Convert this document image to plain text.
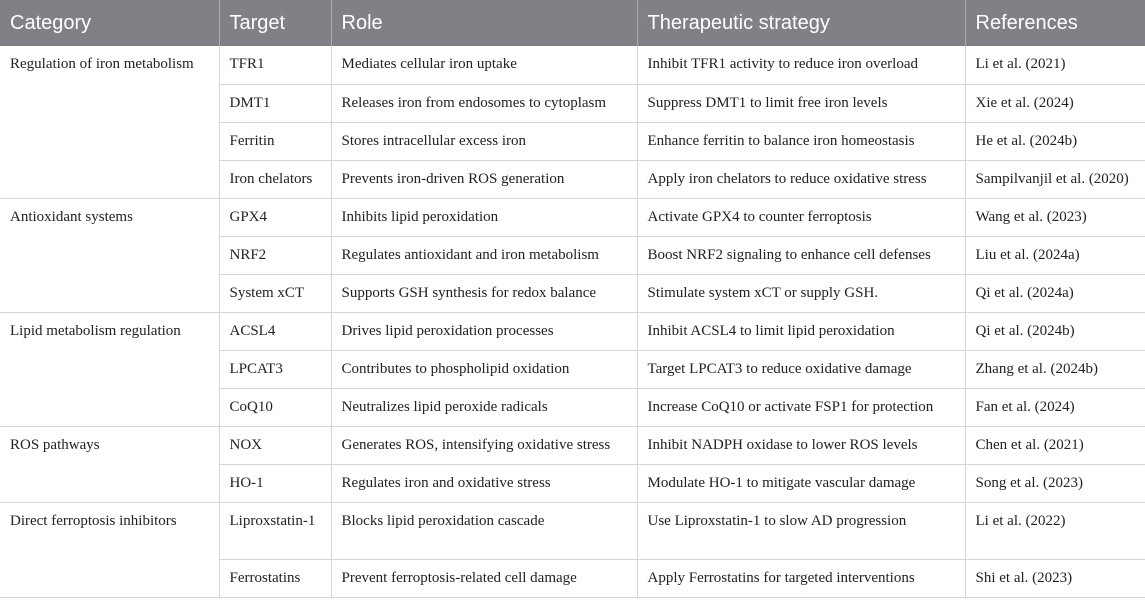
Category	Target	Role	Therapeutic strategy	References
Regulation of iron metabolism	TFR1	Mediates cellular iron uptake	Inhibit TFR1 activity to reduce iron overload	Li et al. (2021)
	DMT1	Releases iron from endosomes to cytoplasm	Suppress DMT1 to limit free iron levels	Xie et al. (2024)
	Ferritin	Stores intracellular excess iron	Enhance ferritin to balance iron homeostasis	He et al. (2024b)
	Iron chelators	Prevents iron-driven ROS generation	Apply iron chelators to reduce oxidative stress	Sampilvanjil et al. (2020)
Antioxidant systems	GPX4	Inhibits lipid peroxidation	Activate GPX4 to counter ferroptosis	Wang et al. (2023)
	NRF2	Regulates antioxidant and iron metabolism	Boost NRF2 signaling to enhance cell defenses	Liu et al. (2024a)
	System xCT	Supports GSH synthesis for redox balance	Stimulate system xCT or supply GSH.	Qi et al. (2024a)
Lipid metabolism regulation	ACSL4	Drives lipid peroxidation processes	Inhibit ACSL4 to limit lipid peroxidation	Qi et al. (2024b)
	LPCAT3	Contributes to phospholipid oxidation	Target LPCAT3 to reduce oxidative damage	Zhang et al. (2024b)
	CoQ10	Neutralizes lipid peroxide radicals	Increase CoQ10 or activate FSP1 for protection	Fan et al. (2024)
ROS pathways	NOX	Generates ROS, intensifying oxidative stress	Inhibit NADPH oxidase to lower ROS levels	Chen et al. (2021)
	HO-1	Regulates iron and oxidative stress	Modulate HO-1 to mitigate vascular damage	Song et al. (2023)
Direct ferroptosis inhibitors	Liproxstatin-1	Blocks lipid peroxidation cascade	Use Liproxstatin-1 to slow AD progression	Li et al. (2022)
	Ferrostatins	Prevent ferroptosis-related cell damage	Apply Ferrostatins for targeted interventions	Shi et al. (2023)
